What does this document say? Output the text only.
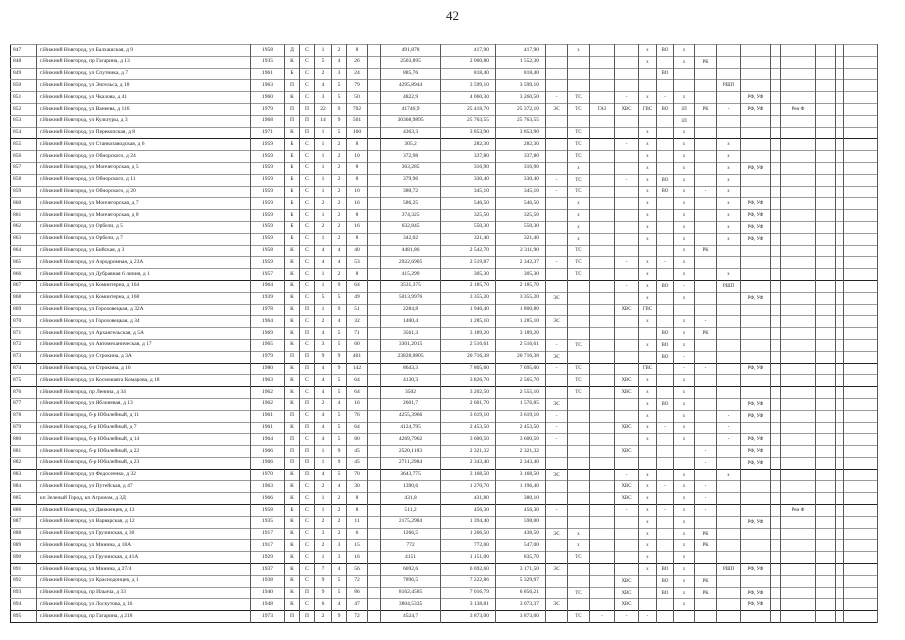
42
847	г.Нижний Новгород, ул Балхашская, д 9	1958	Д	С	1	2	8		491,878	417,90	417,90		х			х	ВО	х								
848	г.Нижний Новгород, пр Гагарина, д 13	1935	К	С	5	4	26		2503,895	2 000,80	1 552,30					х		х	РК							
849	г.Нижний Новгород, ул Спутника, д 7	1961	Б	С	2	3	24		885,76	818,40	818,40						ВО									
850	г.Нижний Новгород, ул Энгельса, д 18	1963	П	С	4	5	79		4295,8944	3 599,10	3 599,10									РШП						
851	г.Нижний Новгород, ул Чкалова, д 41	1960	К	С	3	5	50		4822,9	4 060,30	3 260,50	-	ТС		-	х	-	х			РФ, УФ					
852	г.Нижний Новгород, ул Ванеева, д 116	1979	П	П	22	9	702		41740,9	25 418,70	25 372,10	ЭС	ТС	ГАЗ	ХВС	ГВС	ВО	ЗЛ	РК	-	РФ, УФ		Рем Ф			
853	г.Нижний Новгород, ул Культуры, д 3	1968	П	П	14	9	501		30368,9895	25 763,55	25 763,55							ЗЛ								
854	г.Нижний Новгород, ул Перекопская, д 8	1971	К	П	1	5	160		4363,3	3 853,90	3 853,90		ТС			х		х								
855	г.Нижний Новгород, ул Станкозаводская, д 6	1959	Б	С	1	2	8		305,2	282,30	282,30		ТС		-	х		х		х						
856	г.Нижний Новгород, ул Обнорского, д 24	1959	Б	С	1	2	10		372,98	337,80	337,80		ТС			х		х		х						
857	г.Нижний Новгород, ул Мончегорская, д 5	1959	Б	С	1	2	8		363,285	316,90	316,90		х			х		х		х	РФ, УФ					
858	г.Нижний Новгород, ул Обнорского, д 11	1959	Б	С	1	2	8		379,96	330,40	330,40	-	ТС		-	х	ВО	х		х						
859	г.Нижний Новгород, ул Обнорского, д 20	1959	Б	С	1	2	10		380,72	345,10	345,10	-	ТС			х	ВО	х	-	х						
860	г.Нижний Новгород, ул Мончегорская, д 7	1959	Б	С	2	2	16		586,25	546,50	546,50		х			х		х		х	РФ, УФ					
861	г.Нижний Новгород, ул Мончегорская, д 8	1959	Б	С	1	2	8		374,325	325,50	325,50		х			х		х		х	РФ, УФ					
862	г.Нижний Новгород, ул Орбели, д 5	1959	Б	С	2	2	16		632,845	550,30	550,30		х			х		х		х	РФ, УФ					
863	г.Нижний Новгород, ул Орбели, д 7	1959	Б	С	1	2	8		342,02	321,40	321,40		х			х		х		х	РФ, УФ					
864	г.Нижний Новгород, ул Бийская, д 3	1958	К	С	4	4	40		4481,86	2 542,70	2 311,90		ТС					х	РК							
865	г.Нижний Новгород, ул Аэродромная, д 23А	1959	К	С	4	4	53		2922,6905	2 519,87	2 342,37	-	ТС		-	х	-	х								
866	г.Нижний Новгород, ул Дубравная 6 линия, д 1	1957	К	С	1	2	8		415,299	305,30	305,30		ТС			х		х		х						
867	г.Нижний Новгород, ул Коминтерна, д 164	1964	К	С	1	9	64		3531,375	2 185,70	2 185,70				-	х	ВО	-		РШП						
868	г.Нижний Новгород, ул Коминтерна, д 168	1939	К	С	5	5	49		5013,9976	3 355,20	3 355,20	ЭС				х		х			РФ, УФ					
869	г.Нижний Новгород, ул Гороховецкая, д 32А	1978	К	П	1	9	51		2284,8	1 946,40	1 800,80				ХВС	ГВС										
870	г.Нижний Новгород, ул Гороховецкая, д 34	1964	К	С	2	4	32		1400,4	1 285,10	1 285,10	ЭС				х		х	-							
871	г.Нижний Новгород, ул Архангельская, д 5А	1969	К	П	4	5	71		3561,3	3 189,20	3 189,20						ВО	х	РК							
872	г.Нижний Новгород, ул Автомеханическая, д 17	1965	К	С	3	5	60		3301,2015	2 516,61	2 516,61	-	ТС			х	ВО	х								
873	г.Нижний Новгород, ул Строкина, д 3А	1979	П	П	9	9	401		23828,0805	20 716,38	20 716,38	ЭС					ВО	-								
874	г.Нижний Новгород, ул Строкина, д 16	1980	К	П	4	9	142		8643,3	7 805,60	7 695,60	-	ТС			ГВС		-	-		РФ, УФ					
875	г.Нижний Новгород, ул Космонавта Комарова, д 18	1963	К	С	4	5	64		4130,3	3 826,70	2 565,70		ТС		ХВС	х		х								
876	г.Нижний Новгород, пр Ленина, д 34	1962	К	С	4	5	64		3502	3 202,50	2 555,10		ТС		ХВС	х		х								
877	г.Нижний Новгород, ул Яблоневая, д 13	1962	К	П	2	4	16		2601,7	2 601,70	1 576,85	ЭС				х	ВО	х			РФ, УФ					
878	г.Нижний Новгород, б-р Юбилейный, д 11	1961	П	С	4	5	76		4255,3966	3 619,10	3 619,10	-				х		х		-	РФ, УФ					
879	г.Нижний Новгород, б-р Юбилейный, д 7	1961	К	П	4	5	64		4124,795	2 453,50	2 453,50	-			ХВС	х	-	х		-						
880	г.Нижний Новгород, б-р Юбилейный, д 14	1964	П	С	4	5	80		4269,7962	3 600,50	3 600,50	-				х		х		-	РФ, УФ					
881	г.Нижний Новгород, б-р Юбилейный, д 22	1966	П	П	1	9	45		2520,1183	2 321,32	2 321,32				ХВС				-		РФ, УФ					
882	г.Нижний Новгород, б-р Юбилейный, д 23	1966	П	П	1	9	45		2711,2984	2 343,40	2 343,40								-		РФ, УФ					
883	г.Нижний Новгород, ул Федосеенко, д 32	1970	К	П	4	5	70		3643,775	3 168,50	3 168,50	ЭС			-	х		х		х						
884	г.Нижний Новгород, ул Путейская, д 47	1963	К	С	2	4	30		1390,6	1 270,70	1 196,40				ХВС	х	-	х	-							
885	кп Зеленый Город, кп Агроном, д 3Д	1966	К	С	1	2	8		431,8	431,80	380,10				ХВС	х		х	-							
886	г.Нижний Новгород, ул Движенцев, д 13	1958	Б	С	1	2	8		511,2	456,30	456,30	-			-	х	-	х	-				Рем Ф			
887	г.Нижний Новгород, ул Варварская, д 12	1935	К	С	2	2	11		2175,2984	1 394,40	598,00					х		х			РФ, УФ					
888	г.Нижний Новгород, ул Грузинская, д 30	1917	К	С	3	2	6		1266,5	1 266,50	438,50	ЭС	х			х		х	РК							
889	г.Нижний Новгород, ул Минина, д 18А	1917	К	С	2	3	15		772	772,00	547,00		х			х		х	РК							
890	г.Нижний Новгород, ул Грузинская, д 41А	1929	К	С	1	3	16		4151	1 151,00	835,70		ТС			х		х								
891	г.Нижний Новгород, ул Минина, д 27/4	1937	К	С	7	4	56		6692,6	6 692,60	3 171,50	ЭС				х	ВО	х		РШП	РФ, УФ					
892	г.Нижний Новгород, ул Краснодонцев, д 1	1938	К	С	9	5	72		7896,5	7 222,86	5 329,97				ХВС		ВО	х	РК							
893	г.Нижний Новгород, пр Ильича, д 33	1940	К	П	9	5	86		8162,4585	7 016,79	6 856,21		ТС		ХВС		ВО	х	РК		РФ, УФ					
894	г.Нижний Новгород, ул Лоскутова, д 16	1948	К	С	6	4	47		3804,5335	3 138,81	3 073,37	ЭС			ХВС			х			РФ, УФ					
895	г.Нижний Новгород, пр Гагарина, д 218	1973	П	П	2	9	72		4524,7	3 873,00	3 873,00		ТС	-	-	-										
